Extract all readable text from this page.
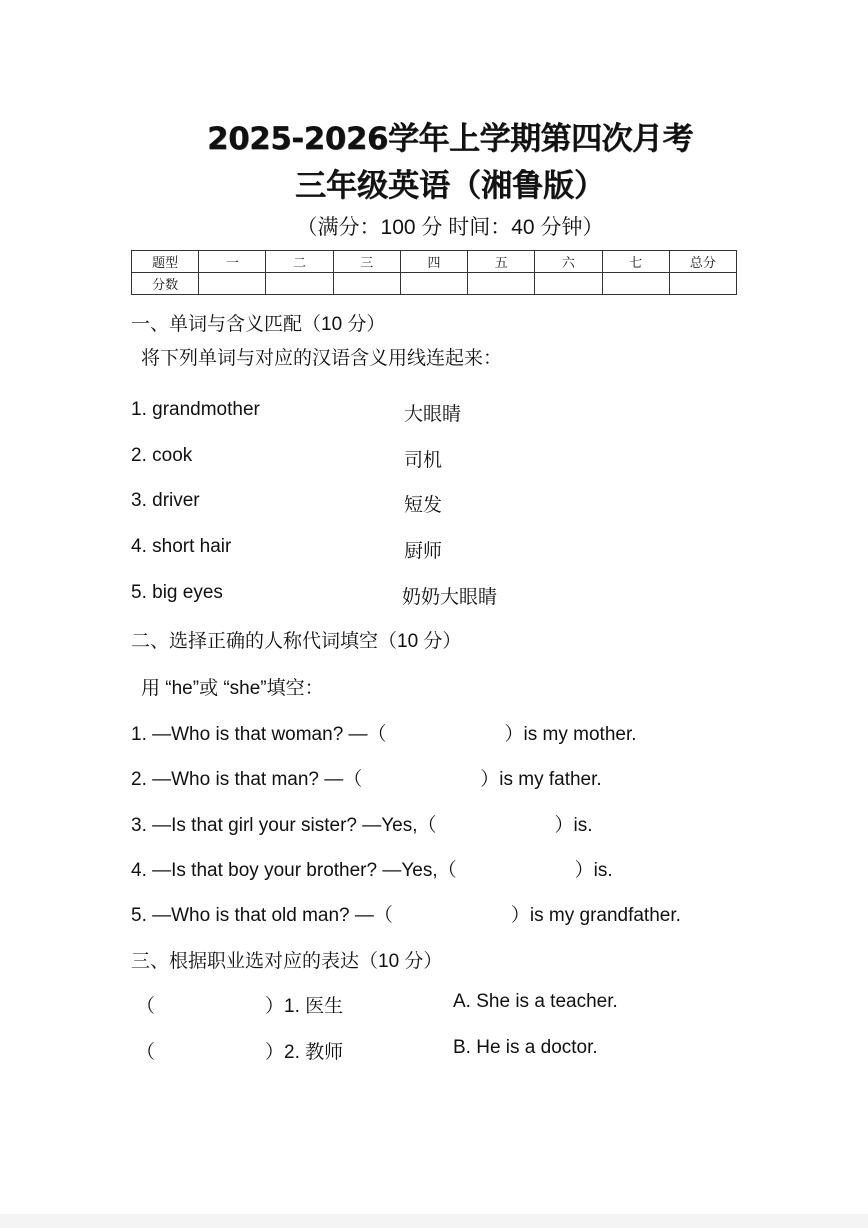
2025-2026学年上学期第四次月考
三年级英语（湘鲁版）
（满分：100 分 时间：40 分钟）
题型	一	二	三	四	五	六	七	总分
分数								
一、单词与含义匹配（10 分）
将下列单词与对应的汉语含义用线连起来：
1. grandmother	大眼睛
2. cook	司机
3. driver	短发
4. short hair	厨师
5. big eyes	奶奶大眼睛
二、选择正确的人称代词填空（10 分）
用 “he”或 “she”填空：
1. —Who is that woman? —（	）is my mother.
2. —Who is that man? —（	）is my father.
3. —Is that girl your sister? —Yes,（	）is.
4. —Is that boy your brother? —Yes,（	）is.
5. —Who is that old man? —（	）is my grandfather.
三、根据职业选对应的表达（10 分）
（	）1. 医生	A. She is a teacher.
（	）2. 教师	B. He is a doctor.
